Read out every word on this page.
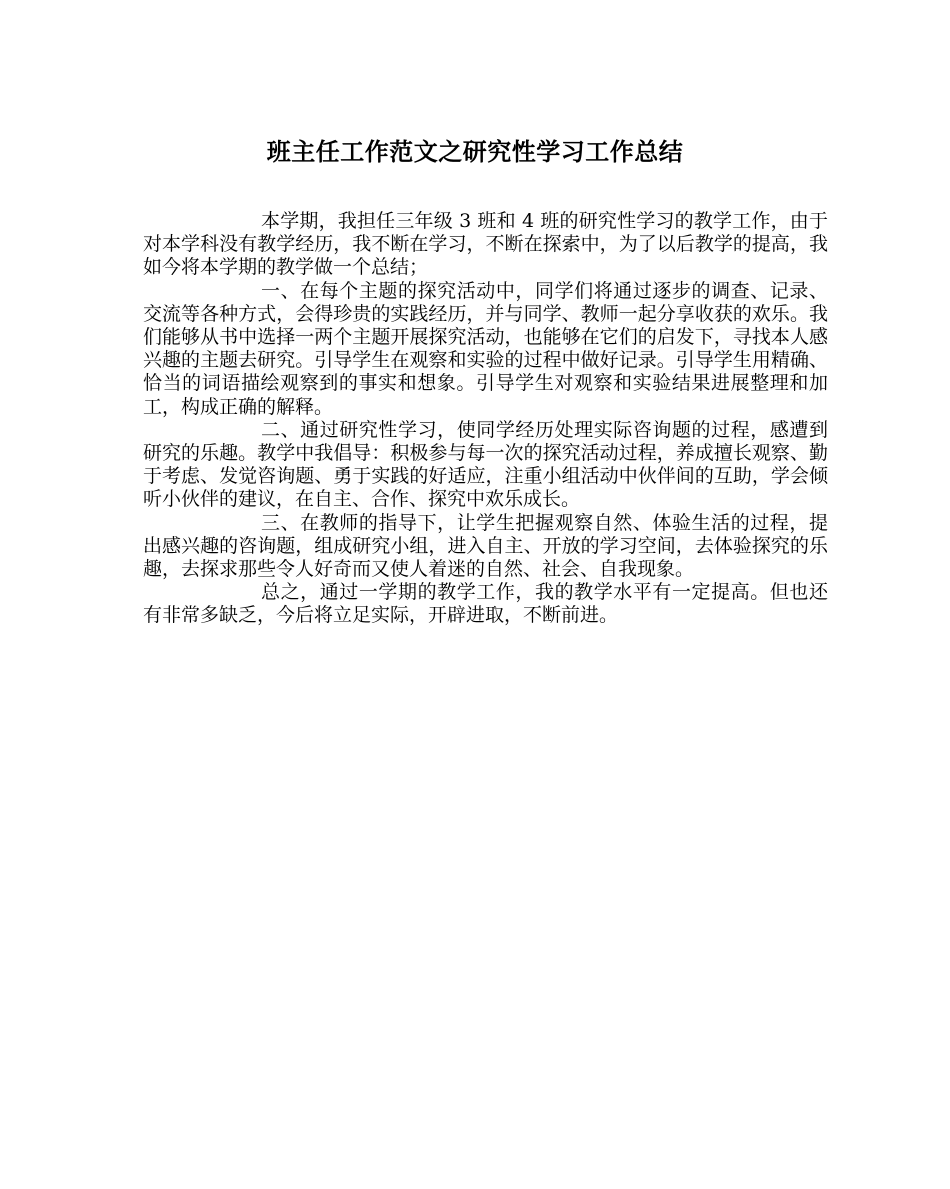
班主任工作范文之研究性学习工作总结

本学期，我担任三年级 3 班和 4 班的研究性学习的教学工作，由于对本学科没有教学经历，我不断在学习，不断在探索中，为了以后教学的提高，我如今将本学期的教学做一个总结；

一、在每个主题的探究活动中，同学们将通过逐步的调查、记录、交流等各种方式，会得珍贵的实践经历，并与同学、教师一起分享收获的欢乐。我们能够从书中选择一两个主题开展探究活动，也能够在它们的启发下，寻找本人感兴趣的主题去研究。引导学生在观察和实验的过程中做好记录。引导学生用精确、恰当的词语描绘观察到的事实和想象。引导学生对观察和实验结果进展整理和加工，构成正确的解释。

二、通过研究性学习，使同学经历处理实际咨询题的过程，感遭到研究的乐趣。教学中我倡导：积极参与每一次的探究活动过程，养成擅长观察、勤于考虑、发觉咨询题、勇于实践的好适应，注重小组活动中伙伴间的互助，学会倾听小伙伴的建议，在自主、合作、探究中欢乐成长。

三、在教师的指导下，让学生把握观察自然、体验生活的过程，提出感兴趣的咨询题，组成研究小组，进入自主、开放的学习空间，去体验探究的乐趣，去探求那些令人好奇而又使人着迷的自然、社会、自我现象。

总之，通过一学期的教学工作，我的教学水平有一定提高。但也还有非常多缺乏，今后将立足实际，开辟进取，不断前进。
